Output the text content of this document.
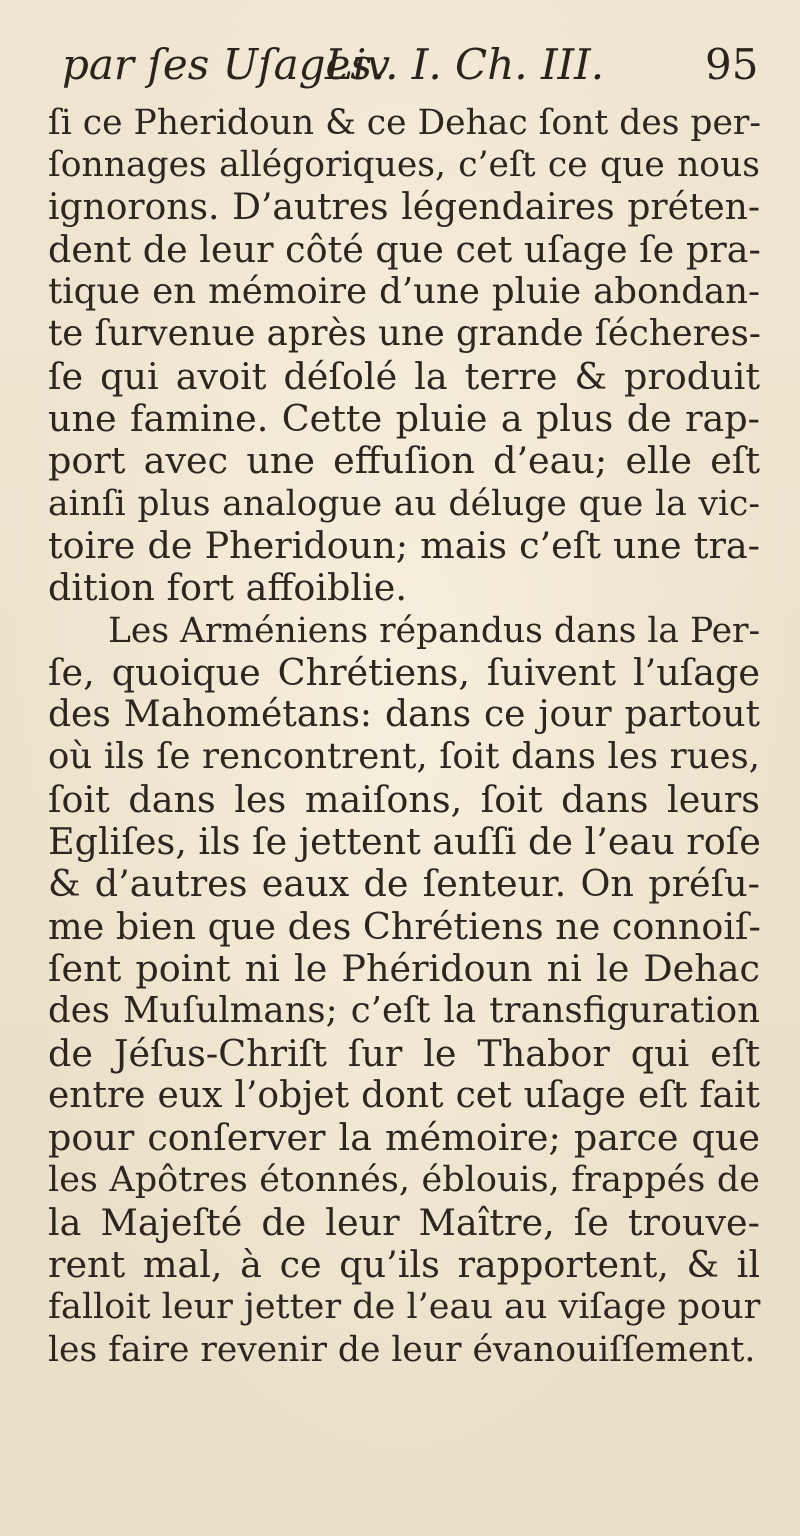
par ſes Uſages.
Liv. I. Ch. III. 95
ſi ce Pheridoun & ce Dehac ſont des per-
ſonnages allégoriques, c’eſt ce que nous
ignorons. D’autres légendaires préten-
dent de leur côté que cet uſage ſe pra-
tique en mémoire d’une pluie abondan-
te ſurvenue après une grande ſécheres-
ſe qui avoit déſolé la terre & produit
une famine. Cette pluie a plus de rap-
port avec une effuſion d’eau; elle eſt
ainſi plus analogue au déluge que la vic-
toire de Pheridoun; mais c’eſt une tra-
dition fort affoiblie.
Les Arméniens répandus dans la Per-
ſe, quoique Chrétiens, ſuivent l’uſage
des Mahométans: dans ce jour partout
où ils ſe rencontrent, ſoit dans les rues,
ſoit dans les maiſons, ſoit dans leurs
Egliſes, ils ſe jettent auſſi de l’eau roſe
& d’autres eaux de ſenteur. On préſu-
me bien que des Chrétiens ne connoiſ-
ſent point ni le Phéridoun ni le Dehac
des Muſulmans; c’eſt la transfiguration
de Jéſus-Chriſt ſur le Thabor qui eſt
entre eux l’objet dont cet uſage eſt fait
pour conſerver la mémoire; parce que
les Apôtres étonnés, éblouis, frappés de
la Majeſté de leur Maître, ſe trouve-
rent mal, à ce qu’ils rapportent, & il
falloit leur jetter de l’eau au viſage pour
les faire revenir de leur évanouiſſement.
